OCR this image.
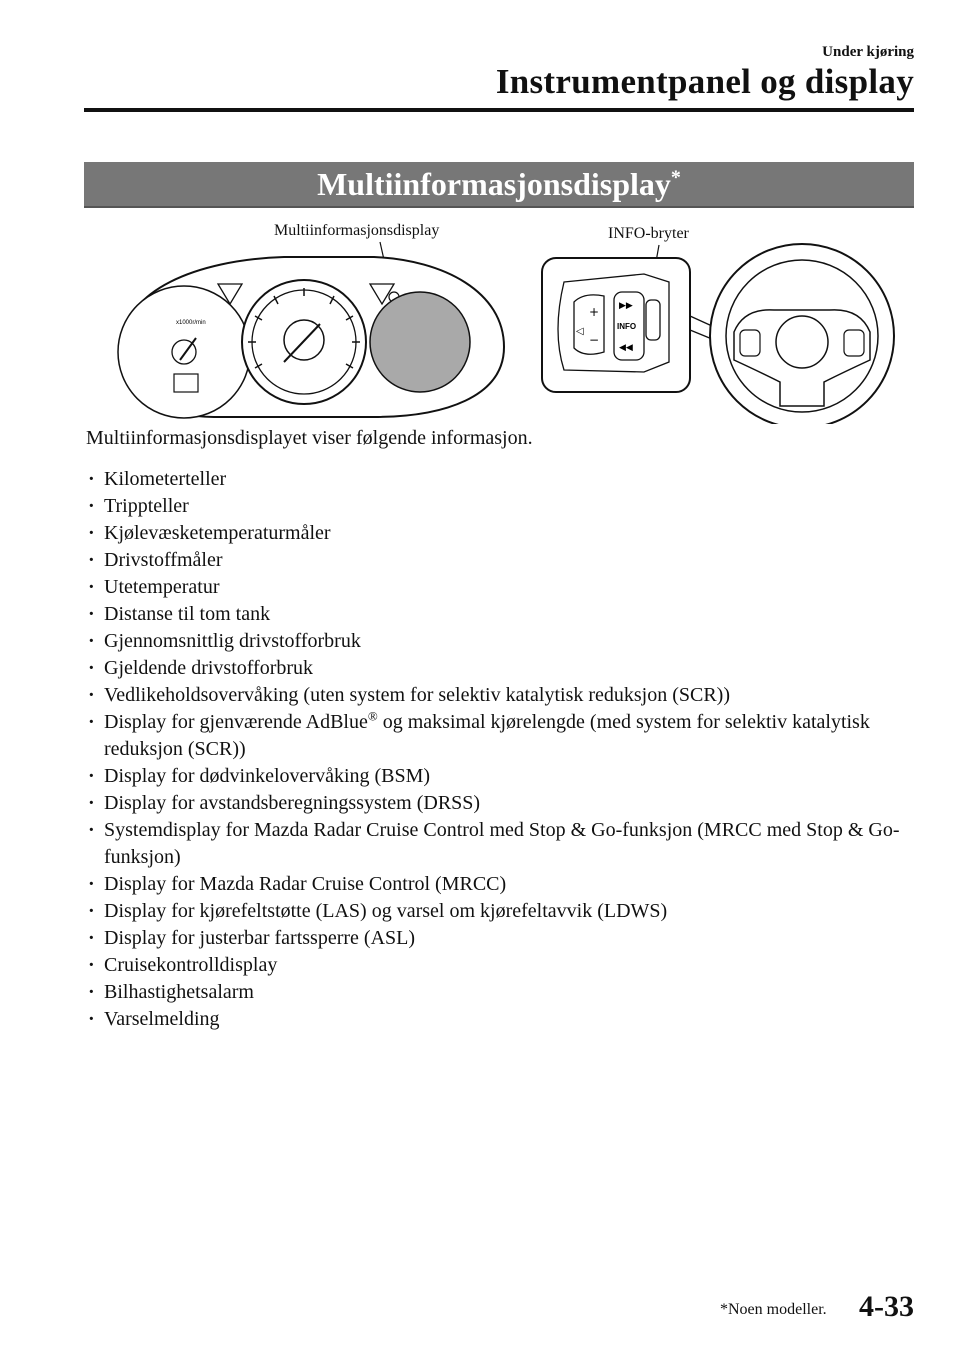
Under kjøring
Instrumentpanel og display
Multiinformasjonsdisplay*
Multiinformasjonsdisplay	INFO-bryter
x1000r/min
+
−
◁
▶▶
INFO
◀◀
Multiinformasjonsdisplayet viser følgende informasjon.
· Kilometerteller
· Trippteller
· Kjølevæsketemperaturmåler
· Drivstoffmåler
· Utetemperatur
· Distanse til tom tank
· Gjennomsnittlig drivstofforbruk
· Gjeldende drivstofforbruk
· Vedlikeholdsovervåking (uten system for selektiv katalytisk reduksjon (SCR))
· Display for gjenværende AdBlue® og maksimal kjørelengde (med system for selektiv katalytisk reduksjon (SCR))
· Display for dødvinkelovervåking (BSM)
· Display for avstandsberegningssystem (DRSS)
· Systemdisplay for Mazda Radar Cruise Control med Stop & Go-funksjon (MRCC med Stop & Go-funksjon)
· Display for Mazda Radar Cruise Control (MRCC)
· Display for kjørefeltstøtte (LAS) og varsel om kjørefeltavvik (LDWS)
· Display for justerbar fartssperre (ASL)
· Cruisekontrolldisplay
· Bilhastighetsalarm
· Varselmelding
*Noen modeller. 4-33
